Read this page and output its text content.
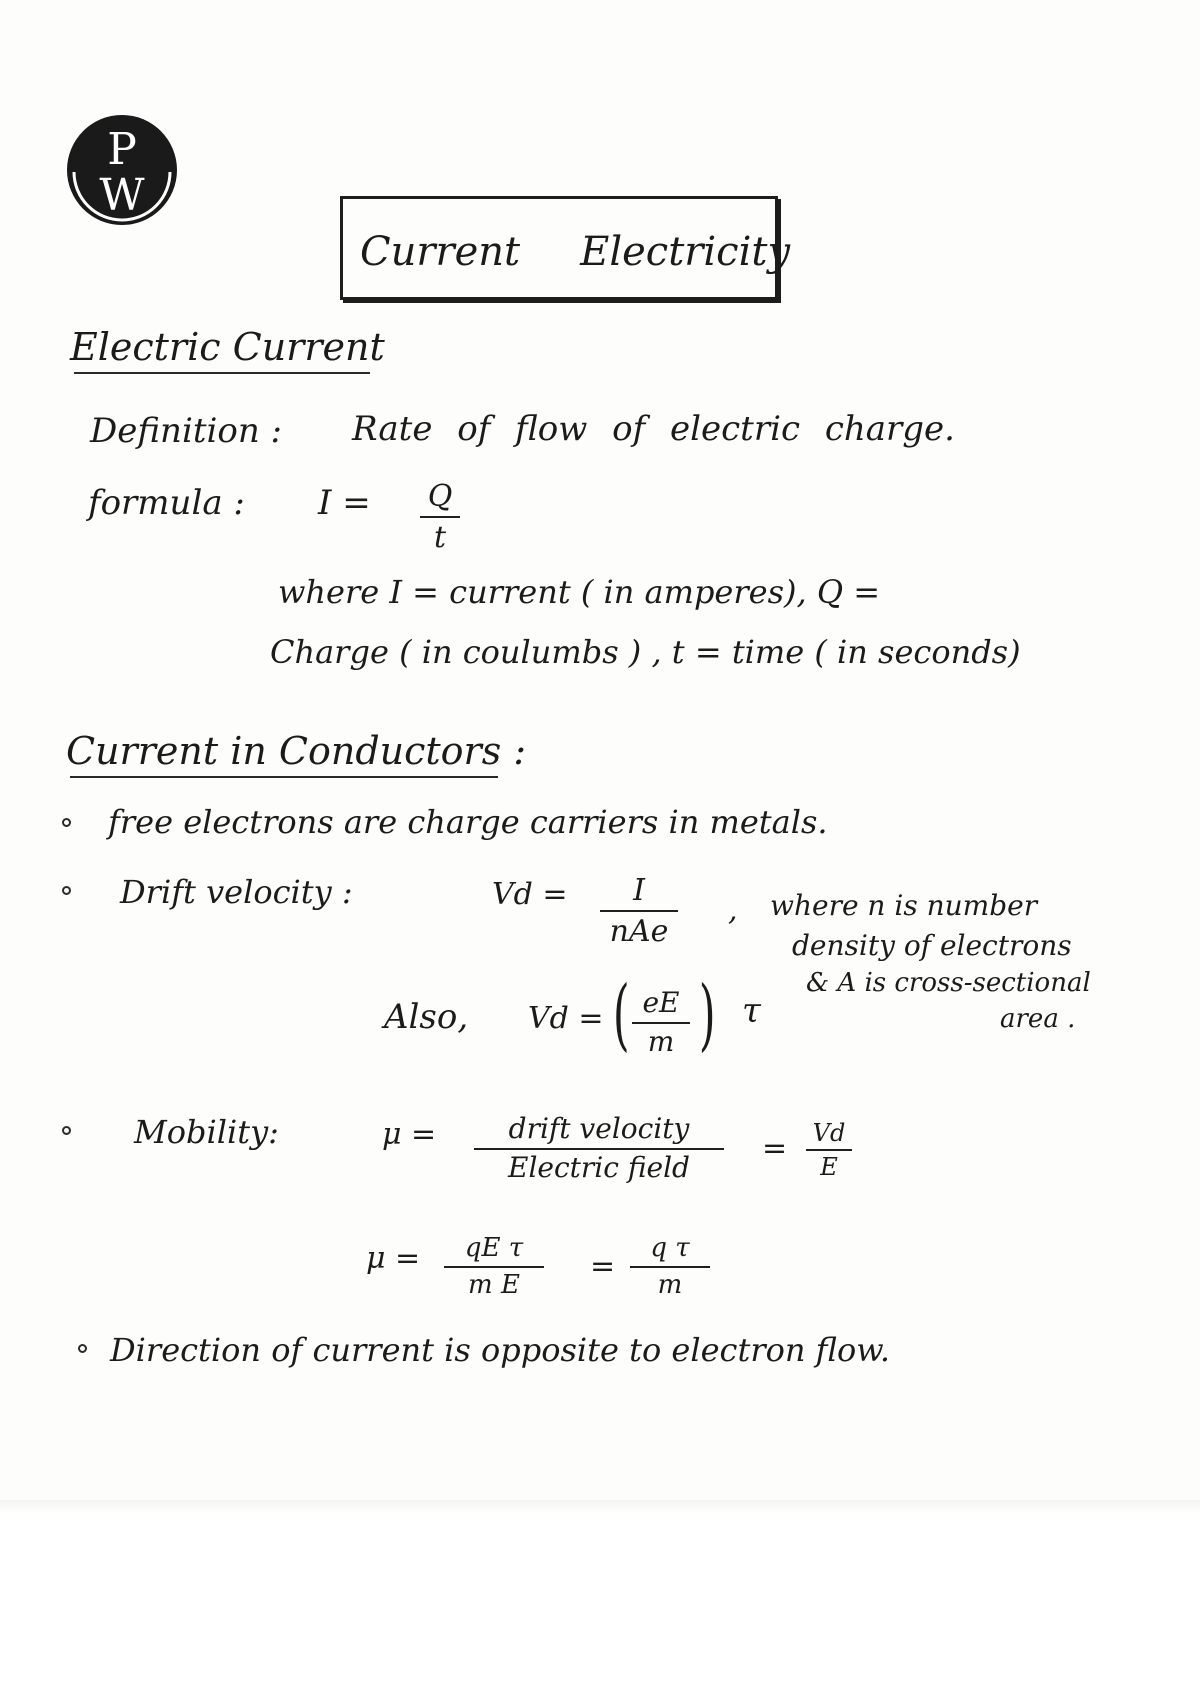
P
W
Current Electricity
Electric Current
Definition : Rate of flow of electric charge.
formula : I = Q
t
where I = current ( in amperes), Q =
Charge ( in coulumbs ) , t = time ( in seconds)
Current in Conductors :
free electrons are charge carriers in metals.
Drift velocity :	Vd =	I
nAe
, where n is number
density of electrons
& A is cross-sectional
area .
Also, Vd = ( eE
m ) τ
Mobility:	μ =	drift velocity
Electric field
= Vd
E
μ =	qE τ
m E
=
q τ
m
Direction of current is opposite to electron flow.
